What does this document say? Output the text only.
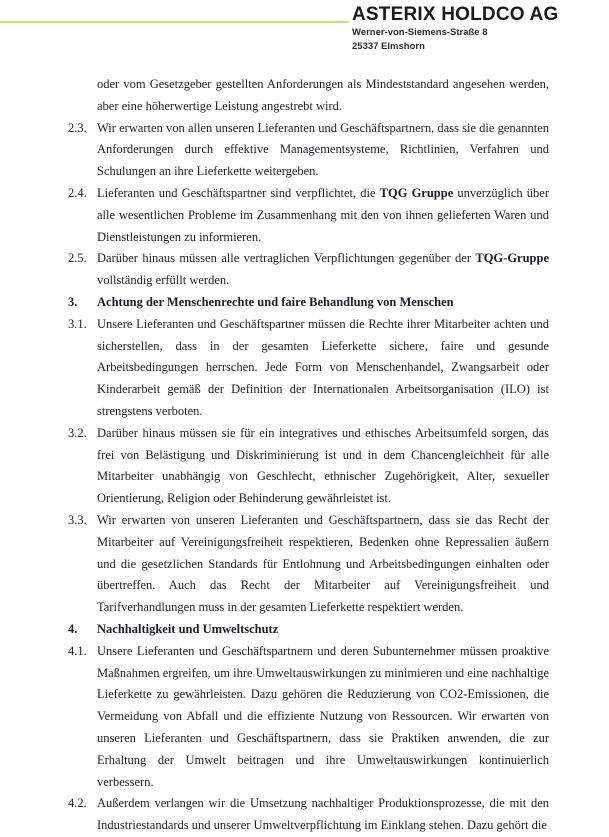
ASTERIX HOLDCO AG
Werner-von-Siemens-Straße 8
25337 Elmshorn
oder vom Gesetzgeber gestellten Anforderungen als Mindeststandard angesehen werden, aber eine höherwertige Leistung angestrebt wird.
2.3. Wir erwarten von allen unseren Lieferanten und Geschäftspartnern, dass sie die genannten Anforderungen durch effektive Managementsysteme, Richtlinien, Verfahren und Schulungen an ihre Lieferkette weitergeben.
2.4. Lieferanten und Geschäftspartner sind verpflichtet, die TQG Gruppe unverzüglich über alle wesentlichen Probleme im Zusammenhang mit den von ihnen gelieferten Waren und Dienstleistungen zu informieren.
2.5. Darüber hinaus müssen alle vertraglichen Verpflichtungen gegenüber der TQG-Gruppe vollständig erfüllt werden.
3.	Achtung der Menschenrechte und faire Behandlung von Menschen
3.1. Unsere Lieferanten und Geschäftspartner müssen die Rechte ihrer Mitarbeiter achten und sicherstellen, dass in der gesamten Lieferkette sichere, faire und gesunde Arbeitsbedingungen herrschen. Jede Form von Menschenhandel, Zwangsarbeit oder Kinderarbeit gemäß der Definition der Internationalen Arbeitsorganisation (ILO) ist strengstens verboten.
3.2. Darüber hinaus müssen sie für ein integratives und ethisches Arbeitsumfeld sorgen, das frei von Belästigung und Diskriminierung ist und in dem Chancengleichheit für alle Mitarbeiter unabhängig von Geschlecht, ethnischer Zugehörigkeit, Alter, sexueller Orientierung, Religion oder Behinderung gewährleistet ist.
3.3. Wir erwarten von unseren Lieferanten und Geschäftspartnern, dass sie das Recht der Mitarbeiter auf Vereinigungsfreiheit respektieren, Bedenken ohne Repressalien äußern und die gesetzlichen Standards für Entlohnung und Arbeitsbedingungen einhalten oder übertreffen. Auch das Recht der Mitarbeiter auf Vereinigungsfreiheit und Tarifverhandlungen muss in der gesamten Lieferkette respektiert werden.
4.	Nachhaltigkeit und Umweltschutz
4.1. Unsere Lieferanten und Geschäftspartnern und deren Subunternehmer müssen proaktive Maßnahmen ergreifen, um ihre Umweltauswirkungen zu minimieren und eine nachhaltige Lieferkette zu gewährleisten. Dazu gehören die Reduzierung von CO2-Emissionen, die Vermeidung von Abfall und die effiziente Nutzung von Ressourcen. Wir erwarten von unseren Lieferanten und Geschäftspartnern, dass sie Praktiken anwenden, die zur Erhaltung der Umwelt beitragen und ihre Umweltauswirkungen kontinuierlich verbessern.
4.2. Außerdem verlangen wir die Umsetzung nachhaltiger Produktionsprozesse, die mit den Industriestandards und unserer Umweltverpflichtung im Einklang stehen. Dazu gehört die
